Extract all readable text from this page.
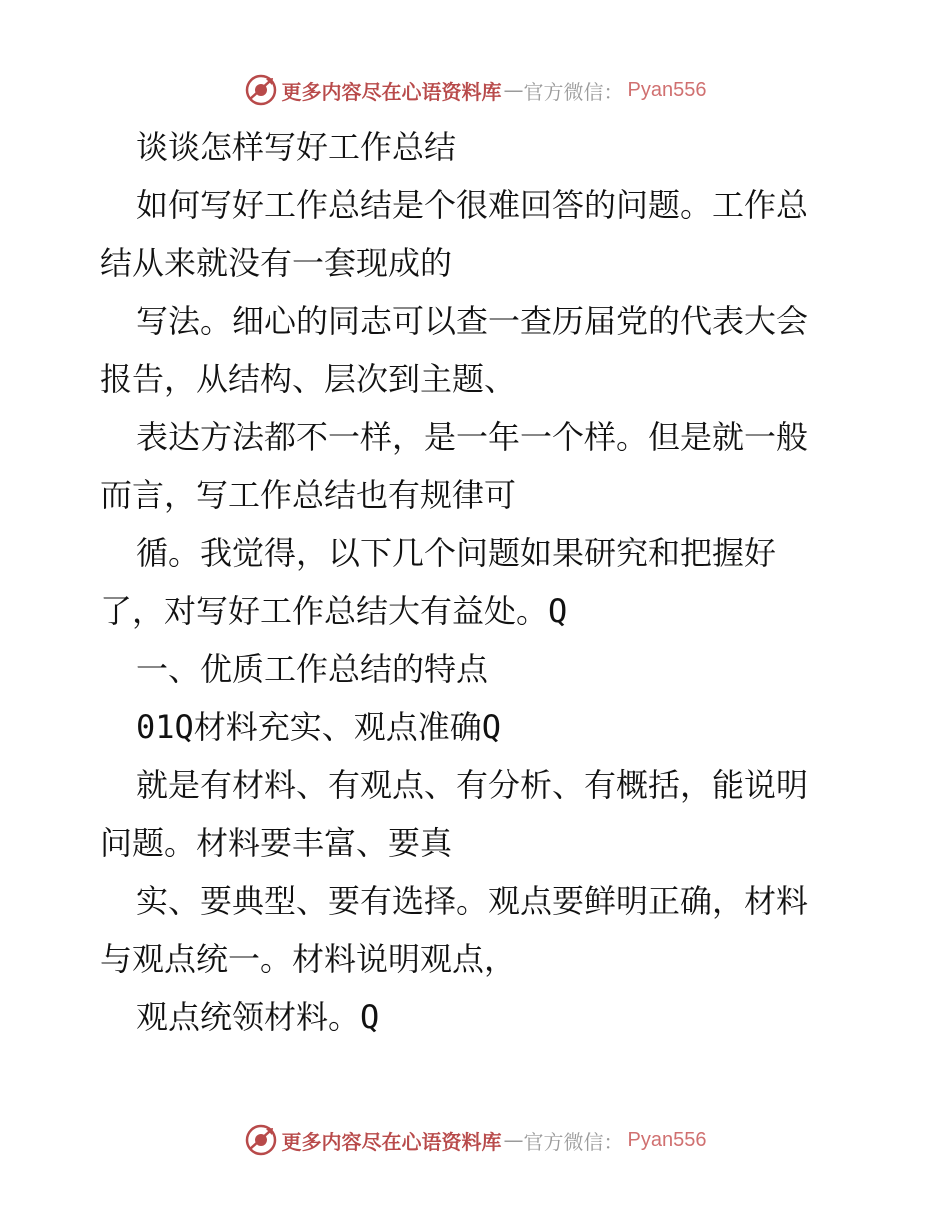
更多内容尽在心语资料库 — 官方微信： Pyan556
谈谈怎样写好工作总结
如何写好工作总结是个很难回答的问题。工作总
结从来就没有一套现成的
写法。细心的同志可以查一查历届党的代表大会
报告，从结构、层次到主题、
表达方法都不一样，是一年一个样。但是就一般
而言，写工作总结也有规律可
循。我觉得，以下几个问题如果研究和把握好
了，对写好工作总结大有益处。Q
一、优质工作总结的特点
01Q材料充实、观点准确Q
就是有材料、有观点、有分析、有概括，能说明
问题。材料要丰富、要真
实、要典型、要有选择。观点要鲜明正确，材料
与观点统一。材料说明观点，
观点统领材料。Q
更多内容尽在心语资料库 — 官方微信： Pyan556
